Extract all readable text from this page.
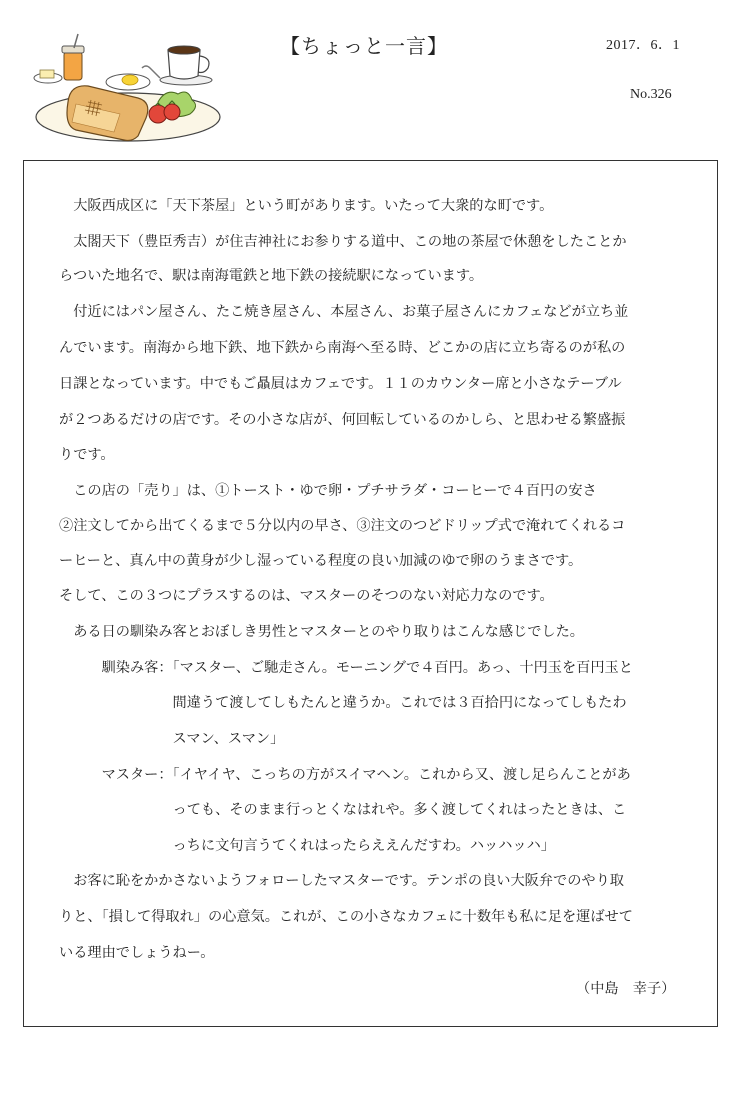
【ちょっと一言】	2017．6．1
No.326
　大阪西成区に「天下茶屋」という町があります。いたって大衆的な町です。
　太閤天下（豊臣秀吉）が住吉神社にお参りする道中、この地の茶屋で休憩をしたことか
らついた地名で、駅は南海電鉄と地下鉄の接続駅になっています。
　付近にはパン屋さん、たこ焼き屋さん、本屋さん、お菓子屋さんにカフェなどが立ち並
んでいます。南海から地下鉄、地下鉄から南海へ至る時、どこかの店に立ち寄るのが私の
日課となっています。中でもご贔屓はカフェです。１１のカウンター席と小さなテーブル
が２つあるだけの店です。その小さな店が、何回転しているのかしら、と思わせる繁盛振
りです。
　この店の「売り」は、①トースト・ゆで卵・プチサラダ・コーヒーで４百円の安さ
②注文してから出てくるまで５分以内の早さ、③注文のつどドリップ式で淹れてくれるコ
ーヒーと、真ん中の黄身が少し湿っている程度の良い加減のゆで卵のうまさです。
そして、この３つにプラスするのは、マスターのそつのない対応力なのです。
　ある日の馴染み客とおぼしき男性とマスターとのやり取りはこんな感じでした。
　　　馴染み客：「マスター、ご馳走さん。モーニングで４百円。あっ、十円玉を百円玉と
　　　　　　　　間違うて渡してしもたんと違うか。これでは３百拾円になってしもたわ
　　　　　　　　スマン、スマン」
　　　マスター：「イヤイヤ、こっちの方がスイマヘン。これから又、渡し足らんことがあ
　　　　　　　　っても、そのまま行っとくなはれや。多く渡してくれはったときは、こ
　　　　　　　　っちに文句言うてくれはったらええんだすわ。ハッハッハ」
　お客に恥をかかさないようフォローしたマスターです。テンポの良い大阪弁でのやり取
りと、「損して得取れ」の心意気。これが、この小さなカフェに十数年も私に足を運ばせて
いる理由でしょうねー。
（中島　幸子）
